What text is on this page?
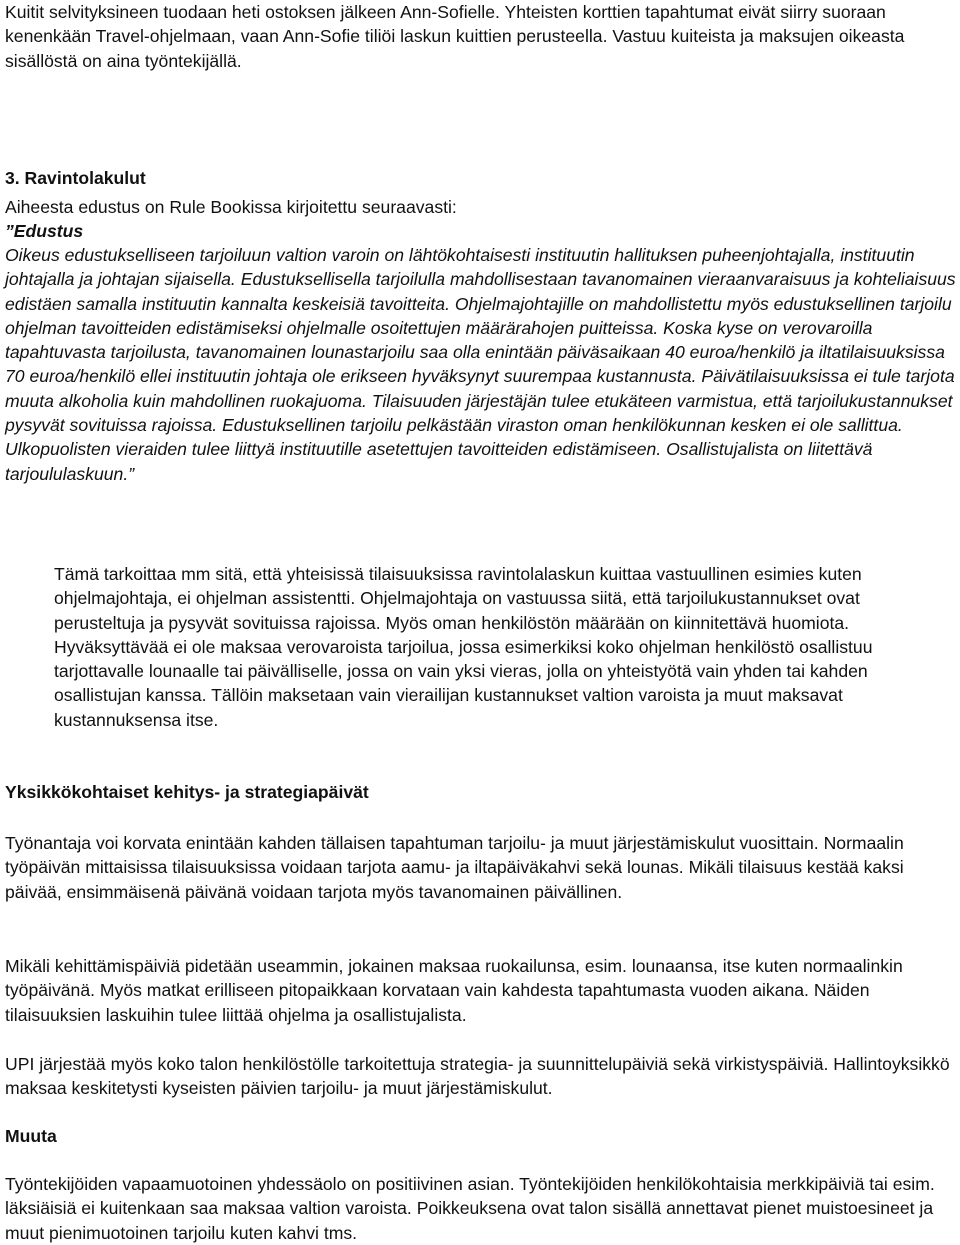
Kuitit selvityksineen tuodaan heti ostoksen jälkeen Ann-Sofielle. Yhteisten korttien tapahtumat eivät siirry suoraan kenenkään Travel-ohjelmaan, vaan Ann-Sofie tiliöi laskun kuittien perusteella. Vastuu kuiteista ja maksujen oikeasta sisällöstä on aina työntekijällä.

3. Ravintolakulut

Aiheesta edustus on Rule Bookissa kirjoitettu seuraavasti:

”Edustus

Oikeus edustukselliseen tarjoiluun valtion varoin on lähtökohtaisesti instituutin hallituksen puheenjohtajalla, instituutin johtajalla ja johtajan sijaisella. Edustuksellisella tarjoilulla mahdollisestaan tavanomainen vieraanvaraisuus ja kohteliaisuus edistäen samalla instituutin kannalta keskeisiä tavoitteita. Ohjelmajohtajille on mahdollistettu myös edustuksellinen tarjoilu ohjelman tavoitteiden edistämiseksi ohjelmalle osoitettujen määrärahojen puitteissa. Koska kyse on verovaroilla tapahtuvasta tarjoilusta, tavanomainen lounastarjoilu saa olla enintään päiväsaikaan 40 euroa/henkilö ja iltatilaisuuksissa 70 euroa/henkilö ellei instituutin johtaja ole erikseen hyväksynyt suurempaa kustannusta. Päivätilaisuuksissa ei tule tarjota muuta alkoholia kuin mahdollinen ruokajuoma. Tilaisuuden järjestäjän tulee etukäteen varmistua, että tarjoilukustannukset pysyvät sovituissa rajoissa. Edustuksellinen tarjoilu pelkästään viraston oman henkilökunnan kesken ei ole sallittua. Ulkopuolisten vieraiden tulee liittyä instituutille asetettujen tavoitteiden edistämiseen. Osallistujalista on liitettävä tarjoululaskuun.”

Tämä tarkoittaa mm sitä, että yhteisissä tilaisuuksissa ravintolalaskun kuittaa vastuullinen esimies kuten ohjelmajohtaja, ei ohjelman assistentti. Ohjelmajohtaja on vastuussa siitä, että tarjoilukustannukset ovat perusteltuja ja pysyvät sovituissa rajoissa. Myös oman henkilöstön määrään on kiinnitettävä huomiota. Hyväksyttävää ei ole maksaa verovaroista tarjoilua, jossa esimerkiksi koko ohjelman henkilöstö osallistuu tarjottavalle lounaalle tai päivälliselle, jossa on vain yksi vieras, jolla on yhteistyötä vain yhden tai kahden osallistujan kanssa. Tällöin maksetaan vain vierailijan kustannukset valtion varoista ja muut maksavat kustannuksensa itse.

Yksikkökohtaiset kehitys- ja strategiapäivät

Työnantaja voi korvata enintään kahden tällaisen tapahtuman tarjoilu- ja muut järjestämiskulut vuosittain. Normaalin työpäivän mittaisissa tilaisuuksissa voidaan tarjota aamu- ja iltapäiväkahvi sekä lounas. Mikäli tilaisuus kestää kaksi päivää, ensimmäisenä päivänä voidaan tarjota myös tavanomainen päivällinen.

Mikäli kehittämispäiviä pidetään useammin, jokainen maksaa ruokailunsa, esim. lounaansa, itse kuten normaalinkin työpäivänä. Myös matkat erilliseen pitopaikkaan korvataan vain kahdesta tapahtumasta vuoden aikana. Näiden tilaisuuksien laskuihin tulee liittää ohjelma ja osallistujalista.

UPI järjestää myös koko talon henkilöstölle tarkoitettuja strategia- ja suunnittelupäiviä sekä virkistyspäiviä. Hallintoyksikkö maksaa keskitetysti kyseisten päivien tarjoilu- ja muut järjestämiskulut.

Muuta

Työntekijöiden vapaamuotoinen yhdessäolo on positiivinen asian. Työntekijöiden henkilökohtaisia merkkipäiviä tai esim. läksiäisiä ei kuitenkaan saa maksaa valtion varoista. Poikkeuksena ovat talon sisällä annettavat pienet muistoesineet ja muut pienimuotoinen tarjoilu kuten kahvi tms.
